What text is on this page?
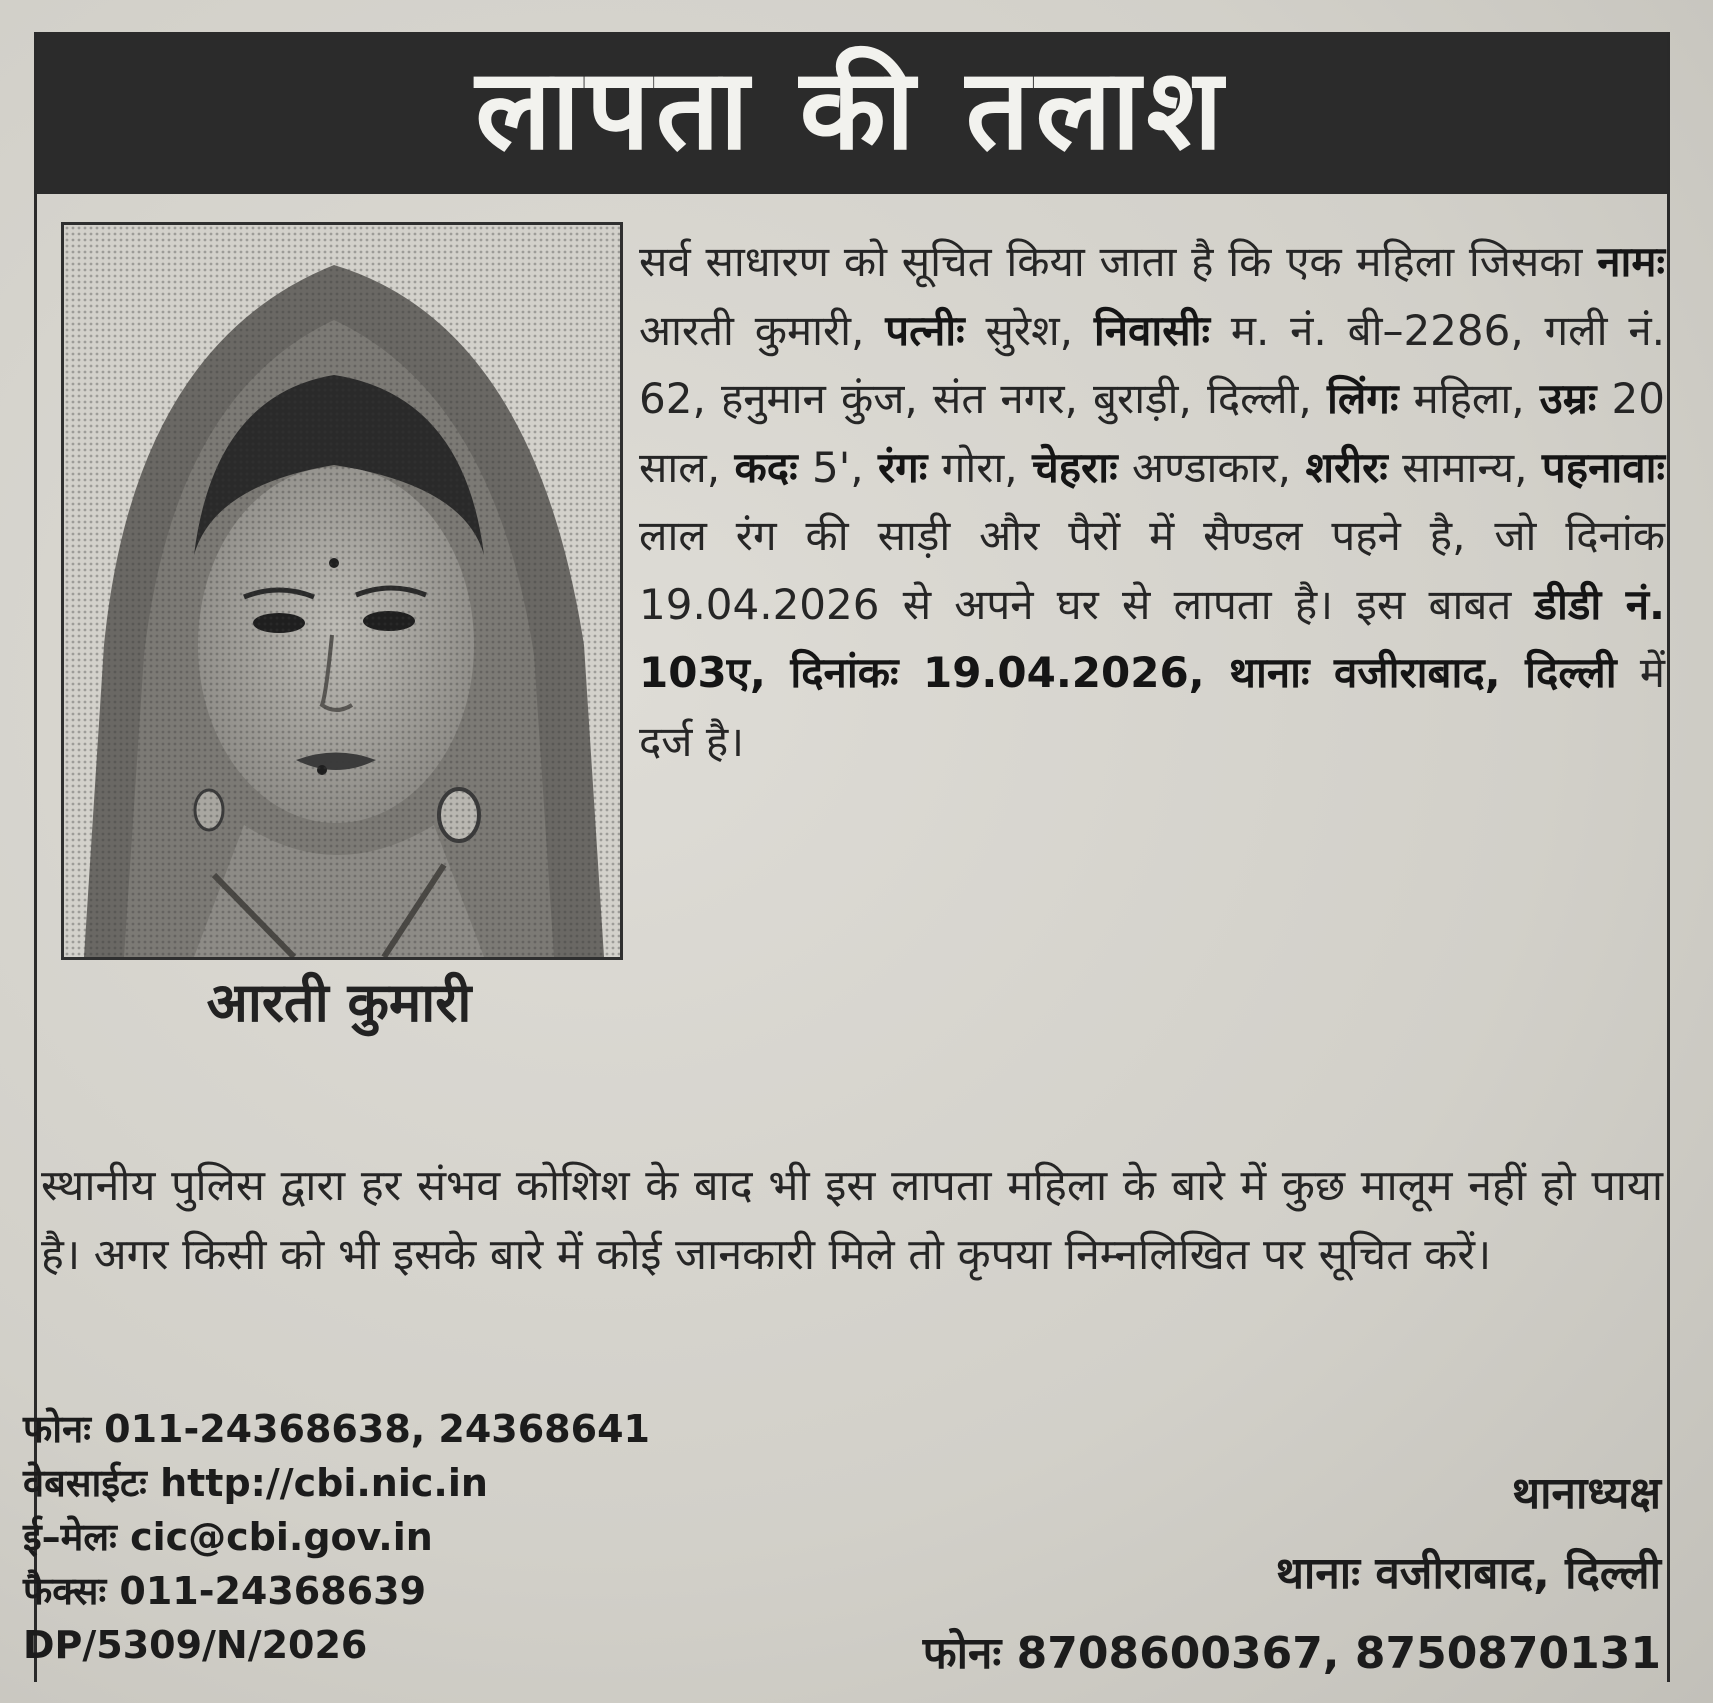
लापता की तलाश
आरती कुमारी
सर्व साधारण को सूचित किया जाता है कि एक महिला जिसका नामः आरती कुमारी, पत्नीः सुरेश, निवासीः म. नं. बी–2286, गली नं. 62, हनुमान कुंज, संत नगर, बुराड़ी, दिल्ली, लिंगः महिला, उम्रः 20 साल, कदः 5', रंगः गोरा, चेहराः अण्डाकार, शरीरः सामान्य, पहनावाः लाल रंग की साड़ी और पैरों में सैण्डल पहने है, जो दिनांक 19.04.2026 से अपने घर से लापता है। इस बाबत डीडी नं. 103ए, दिनांकः 19.04.2026, थानाः वजीराबाद, दिल्ली में दर्ज है।
स्थानीय पुलिस द्वारा हर संभव कोशिश के बाद भी इस लापता महिला के बारे में कुछ मालूम नहीं हो पाया है। अगर किसी को भी इसके बारे में कोई जानकारी मिले तो कृपया निम्नलिखित पर सूचित करें।
फोनः 011-24368638, 24368641
वेबसाईटः http://cbi.nic.in
ई–मेलः cic@cbi.gov.in
फैक्सः 011-24368639
DP/5309/N/2026
थानाध्यक्ष
थानाः वजीराबाद, दिल्ली
फोनः 8708600367, 8750870131
